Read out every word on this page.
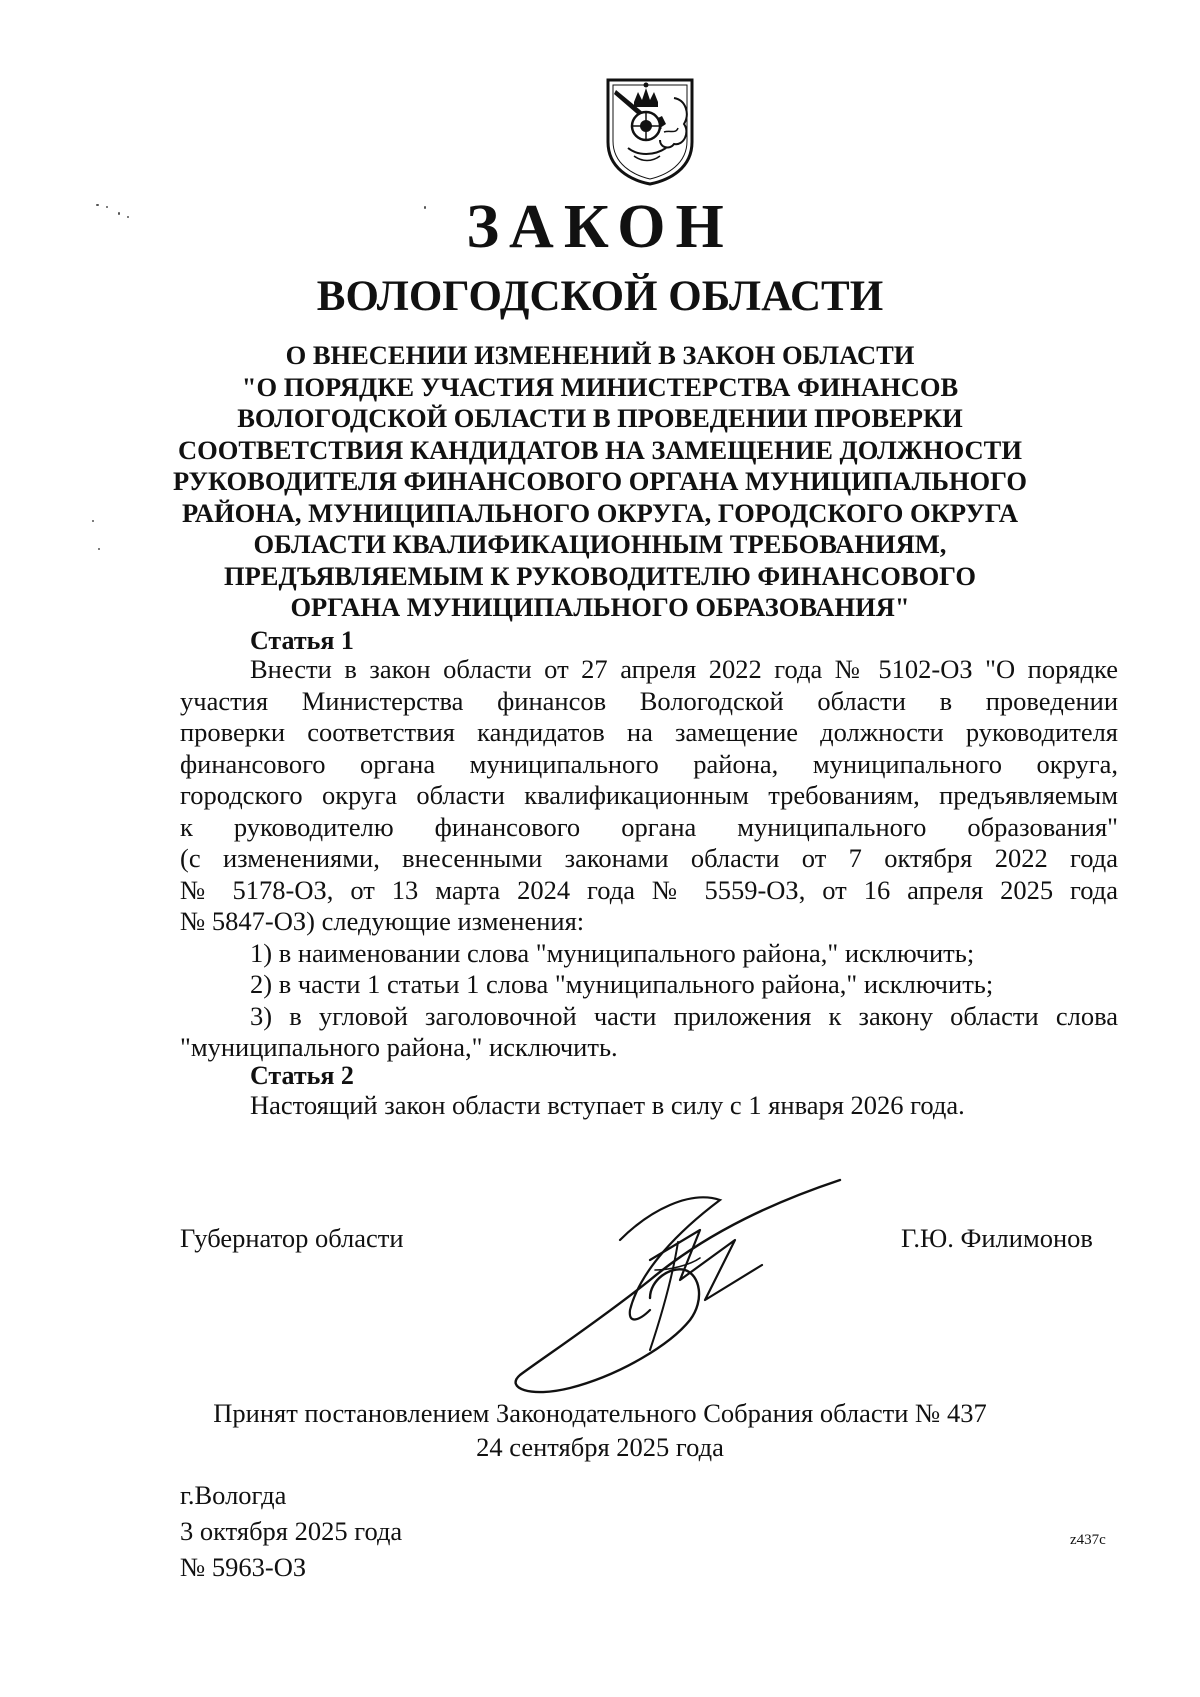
ЗАКОН
ВОЛОГОДСКОЙ ОБЛАСТИ
О ВНЕСЕНИИ ИЗМЕНЕНИЙ В ЗАКОН ОБЛАСТИ
"О ПОРЯДКЕ УЧАСТИЯ МИНИСТЕРСТВА ФИНАНСОВ
ВОЛОГОДСКОЙ ОБЛАСТИ В ПРОВЕДЕНИИ ПРОВЕРКИ
СООТВЕТСТВИЯ КАНДИДАТОВ НА ЗАМЕЩЕНИЕ ДОЛЖНОСТИ
РУКОВОДИТЕЛЯ ФИНАНСОВОГО ОРГАНА МУНИЦИПАЛЬНОГО
РАЙОНА, МУНИЦИПАЛЬНОГО ОКРУГА, ГОРОДСКОГО ОКРУГА
ОБЛАСТИ КВАЛИФИКАЦИОННЫМ ТРЕБОВАНИЯМ,
ПРЕДЪЯВЛЯЕМЫМ К РУКОВОДИТЕЛЮ ФИНАНСОВОГО
ОРГАНА МУНИЦИПАЛЬНОГО ОБРАЗОВАНИЯ"
Статья 1
Внести в закон области от 27 апреля 2022 года № 5102-ОЗ "О порядке
участия Министерства финансов Вологодской области в проведении
проверки соответствия кандидатов на замещение должности руководителя
финансового органа муниципального района, муниципального округа,
городского округа области квалификационным требованиям, предъявляемым
к руководителю финансового органа муниципального образования"
(с изменениями, внесенными законами области от 7 октября 2022 года
№ 5178-ОЗ, от 13 марта 2024 года № 5559-ОЗ, от 16 апреля 2025 года
№ 5847-ОЗ) следующие изменения:
1) в наименовании слова "муниципального района," исключить;
2) в части 1 статьи 1 слова "муниципального района," исключить;
3) в угловой заголовочной части приложения к закону области слова
"муниципального района," исключить.
Статья 2
Настоящий закон области вступает в силу с 1 января 2026 года.
Губернатор области	Г.Ю. Филимонов
Принят постановлением Законодательного Собрания области № 437
24 сентября 2025 года
г.Вологда
3 октября 2025 года
№ 5963-ОЗ
z437c
